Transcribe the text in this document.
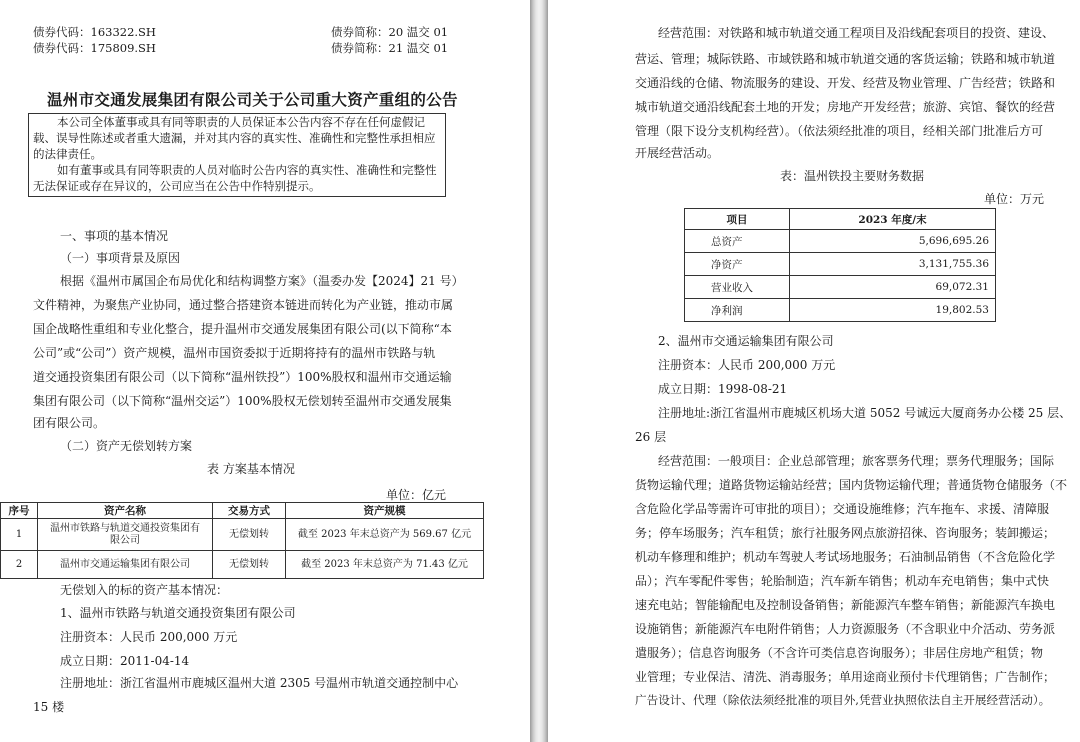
债券代码：163322.SH	债券简称：20 温交 01
债券代码：175809.SH	债券简称：21 温交 01
温州市交通发展集团有限公司关于公司重大资产重组的公告
本公司全体董事或具有同等职责的人员保证本公告内容不存在任何虚假记
载、误导性陈述或者重大遗漏，并对其内容的真实性、准确性和完整性承担相应
的法律责任。
如有董事或具有同等职责的人员对临时公告内容的真实性、准确性和完整性
无法保证或存在异议的，公司应当在公告中作特别提示。
一、事项的基本情况
（一）事项背景及原因
根据《温州市属国企布局优化和结构调整方案》（温委办发【2024】21 号）
文件精神，为聚焦产业协同，通过整合搭建资本链进而转化为产业链，推动市属
国企战略性重组和专业化整合，提升温州市交通发展集团有限公司(以下简称“本
公司”或“公司”）资产规模，温州市国资委拟于近期将持有的温州市铁路与轨
道交通投资集团有限公司（以下简称“温州铁投”）100%股权和温州市交通运输
集团有限公司（以下简称“温州交运”）100%股权无偿划转至温州市交通发展集
团有限公司。
（二）资产无偿划转方案
表 方案基本情况
单位：亿元
序号	资产名称	交易方式	资产规模
1	温州市铁路与轨道交通投资集团有
限公司	无偿划转	截至 2023 年末总资产为 569.67 亿元
2	温州市交通运输集团有限公司	无偿划转	截至 2023 年末总资产为 71.43 亿元
无偿划入的标的资产基本情况：
1、温州市铁路与轨道交通投资集团有限公司
注册资本：人民币 200,000 万元
成立日期：2011-04-14
注册地址：浙江省温州市鹿城区温州大道 2305 号温州市轨道交通控制中心
15 楼
经营范围：对铁路和城市轨道交通工程项目及沿线配套项目的投资、建设、
营运、管理；城际铁路、市域铁路和城市轨道交通的客货运输；铁路和城市轨道
交通沿线的仓储、物流服务的建设、开发、经营及物业管理、广告经营；铁路和
城市轨道交通沿线配套土地的开发；房地产开发经营；旅游、宾馆、餐饮的经营
管理（限下设分支机构经营）。（依法须经批准的项目，经相关部门批准后方可
开展经营活动。
表：温州铁投主要财务数据
单位：万元
项目	2023 年度/末
总资产	5,696,695.26
净资产	3,131,755.36
营业收入	69,072.31
净利润	19,802.53
2、温州市交通运输集团有限公司
注册资本：人民币 200,000 万元
成立日期：1998-08-21
注册地址:浙江省温州市鹿城区机场大道 5052 号诚远大厦商务办公楼 25 层、
26 层
经营范围：一般项目：企业总部管理；旅客票务代理；票务代理服务；国际
货物运输代理；道路货物运输站经营；国内货物运输代理；普通货物仓储服务（不
含危险化学品等需许可审批的项目）；交通设施维修；汽车拖车、求援、清障服
务；停车场服务；汽车租赁；旅行社服务网点旅游招徕、咨询服务；装卸搬运；
机动车修理和维护；机动车驾驶人考试场地服务；石油制品销售（不含危险化学
品）；汽车零配件零售；轮胎制造；汽车新车销售；机动车充电销售；集中式快
速充电站；智能输配电及控制设备销售；新能源汽车整车销售；新能源汽车换电
设施销售；新能源汽车电附件销售；人力资源服务（不含职业中介活动、劳务派
遣服务）；信息咨询服务（不含许可类信息咨询服务）；非居住房地产租赁；物
业管理；专业保洁、清洗、消毒服务；单用途商业预付卡代理销售；广告制作；
广告设计、代理（除依法须经批准的项目外,凭营业执照依法自主开展经营活动）。
